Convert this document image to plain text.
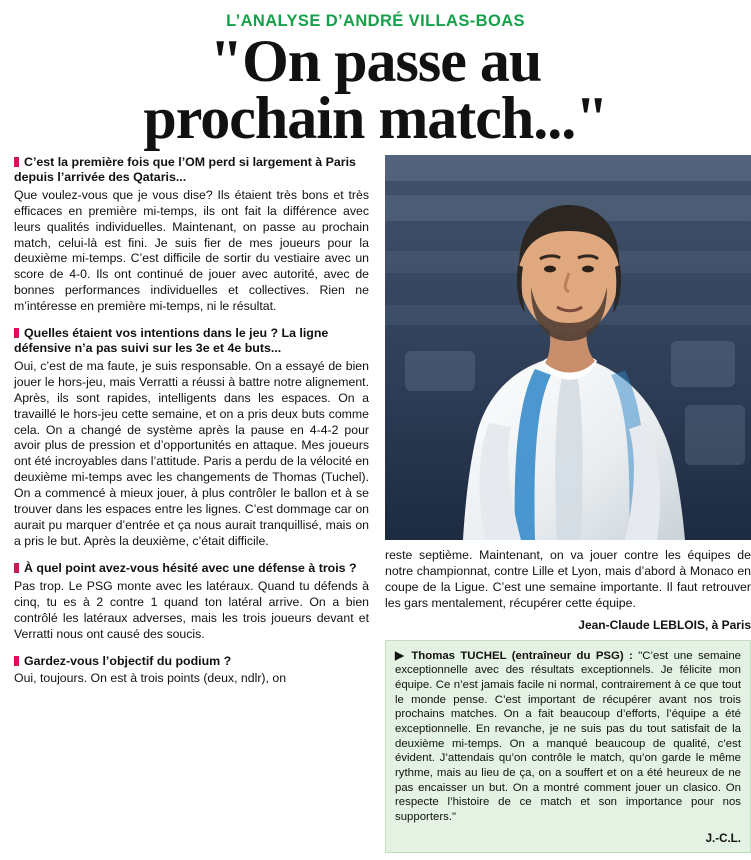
L’ANALYSE D’ANDRÉ VILLAS-BOAS
"On passe au
prochain match..."

C’est la première fois que l’OM perd si largement à Paris depuis l’arrivée des Qataris...

Que voulez-vous que je vous dise? Ils étaient très bons et très efficaces en première mi-temps, ils ont fait la différence avec leurs qualités individuelles. Maintenant, on passe au prochain match, celui-là est fini. Je suis fier de mes joueurs pour la deuxième mi-temps. C’est difficile de sortir du vestiaire avec un score de 4-0. Ils ont continué de jouer avec autorité, avec de bonnes performances individuelles et collectives. Rien ne m’intéresse en première mi-temps, ni le résultat.

Quelles étaient vos intentions dans le jeu ? La ligne défensive n’a pas suivi sur les 3e et 4e buts...

Oui, c’est de ma faute, je suis responsable. On a essayé de bien jouer le hors-jeu, mais Verratti a réussi à battre notre alignement. Après, ils sont rapides, intelligents dans les espaces. On a travaillé le hors-jeu cette semaine, et on a pris deux buts comme cela. On a changé de système après la pause en 4-4-2 pour avoir plus de pression et d’opportunités en attaque. Mes joueurs ont été incroyables dans l’attitude. Paris a perdu de la vélocité en deuxième mi-temps avec les changements de Thomas (Tuchel). On a commencé à mieux jouer, à plus contrôler le ballon et à se trouver dans les espaces entre les lignes. C’est dommage car on aurait pu marquer d’entrée et ça nous aurait tranquillisé, mais on a pris le but. Après la deuxième, c’était difficile.

À quel point avez-vous hésité avec une défense à trois ?

Pas trop. Le PSG monte avec les latéraux. Quand tu défends à cinq, tu es à 2 contre 1 quand ton latéral arrive. On a bien contrôlé les latéraux adverses, mais les trois joueurs devant et Verratti nous ont causé des soucis.

Gardez-vous l’objectif du podium ?

Oui, toujours. On est à trois points (deux, ndlr), on

reste septième. Maintenant, on va jouer contre les équipes de notre championnat, contre Lille et Lyon, mais d’abord à Monaco en coupe de la Ligue. C’est une semaine importante. Il faut retrouver les gars mentalement, récupérer cette équipe.

Jean-Claude LEBLOIS, à Paris

▶ Thomas TUCHEL (entraîneur du PSG) : "C’est une semaine exceptionnelle avec des résultats exceptionnels. Je félicite mon équipe. Ce n’est jamais facile ni normal, contrairement à ce que tout le monde pense. C’est important de récupérer avant nos trois prochains matches. On a fait beaucoup d’efforts, l’équipe a été exceptionnelle. En revanche, je ne suis pas du tout satisfait de la deuxième mi-temps. On a manqué beaucoup de qualité, c’est évident. J’attendais qu’on contrôle le match, qu’on garde le même rythme, mais au lieu de ça, on a souffert et on a été heureux de ne pas encaisser un but. On a montré comment jouer un clasico. On respecte l’histoire de ce match et son importance pour nos supporters."

J.-C.L.
